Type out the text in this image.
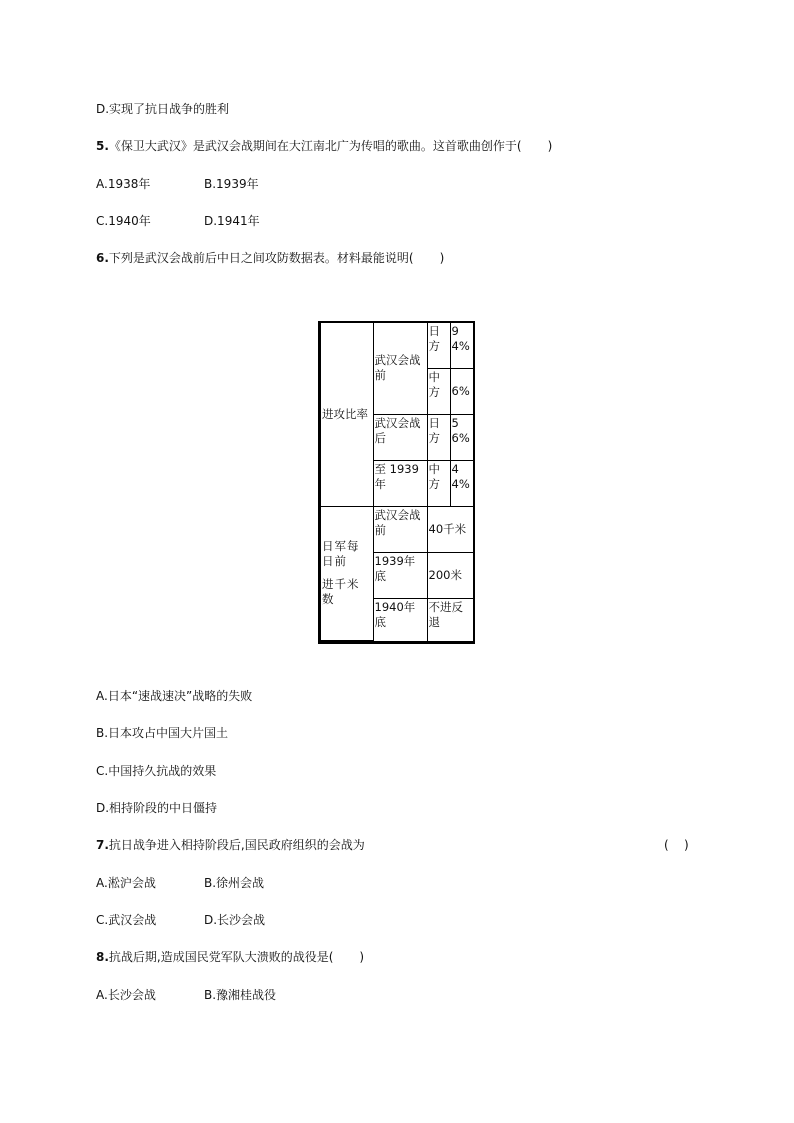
D.实现了抗日战争的胜利
5.《保卫大武汉》是武汉会战期间在大江南北广为传唱的歌曲。这首歌曲创作于( )
A.1938年	B.1939年
C.1940年	D.1941年
6.下列是武汉会战前后中日之间攻防数据表。材料最能说明( )
进攻比率	武汉会战前	日方	94%
		中方	6%
	武汉会战后	日方	56%
	至 1939年	中方	44%

日军每日前
进千米数	武汉会战前	40千米	
	1939年底	200米	
	1940年底	不进反退	
A.日本“速战速决”战略的失败
B.日本攻占中国大片国土
C.中国持久抗战的效果
D.相持阶段的中日僵持
7.抗日战争进入相持阶段后,国民政府组织的会战为	(    )
A.淞沪会战	B.徐州会战
C.武汉会战	D.长沙会战
8.抗战后期,造成国民党军队大溃败的战役是( )
A.长沙会战	B.豫湘桂战役
